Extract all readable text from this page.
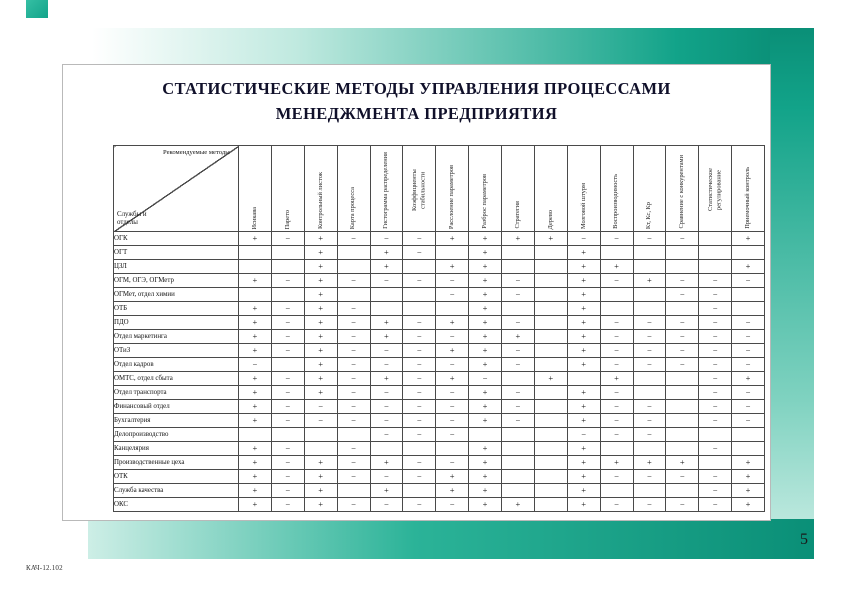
СТАТИСТИЧЕСКИЕ МЕТОДЫ УПРАВЛЕНИЯ ПРОЦЕССАМИ
МЕНЕДЖМЕНТА ПРЕДПРИЯТИЯ
Рекомендуемые методы
Службы и отделы	Исикава	Парето	Контрольный листок	Карта процесса	Гистограмма распределения	Коэффициенты стабильности	Расслоение параметров	Разброс параметров	Стратегия	Дерево	Мозговой штурм	Воспроизводимость	Кт, Кс, Кр	Сравнение с конкурентами	Статистическое регулирование	Приемочный контроль

ОГК	+	−	+	−	−	−	+	+	+	+	−	−	−	−		+
ОГТ			+		+	−		+			+					
ЦЗЛ			+		+		+	+			+	+				+
ОГМ, ОГЭ, ОГМетр	+	−	+	−	−	−	−	+	−		+	−	+	−	−	−
ОГМет, отдел химии			+				−	+	−		+			−	−	
ОТБ	+	−	+	−				+			+				−	
ПДО	+	−	+	−	+	−	+	+	−		+	−	−	−	−	−
Отдел маркетинга	+	−	+	−	+	−	−	+	+		+	−	−	−	−	−
ОТиЗ	+	−	+	−	−	−	+	+	−		+	−	−	−	−	−
Отдел кадров	−		+	−	−	−	−	+	−		+	−	−	−	−	−
ОМТС, отдел сбыта	+	−	+	−	+	−	+	−		+		+			−	+
Отдел транспорта	+	−	+	−	−	−	−	+	−		+	−			−	−
Финансовый отдел	+	−	−	−	−	−	−	+	−		+	−	−		−	−
Бухгалтерия	+	−	−	−	−	−	−	+	−		+	−	−		−	−
Делопроизводство					−	−	−				−	−	−			
Канцелярия	+	−		−				+			+				−	
Производственные цеха	+	−	+	−	+	−	−	+			+	+	+	+		+
ОТК	+	−	+	−	−	−	+	+			+	−	−	−	−	+
Служба качества	+	−	+		+		+	+			+				−	+
ОКС	+	−	+	−	−	−	−	+	+		+	−	−	−	−	+
5
КАЧ-12.102
